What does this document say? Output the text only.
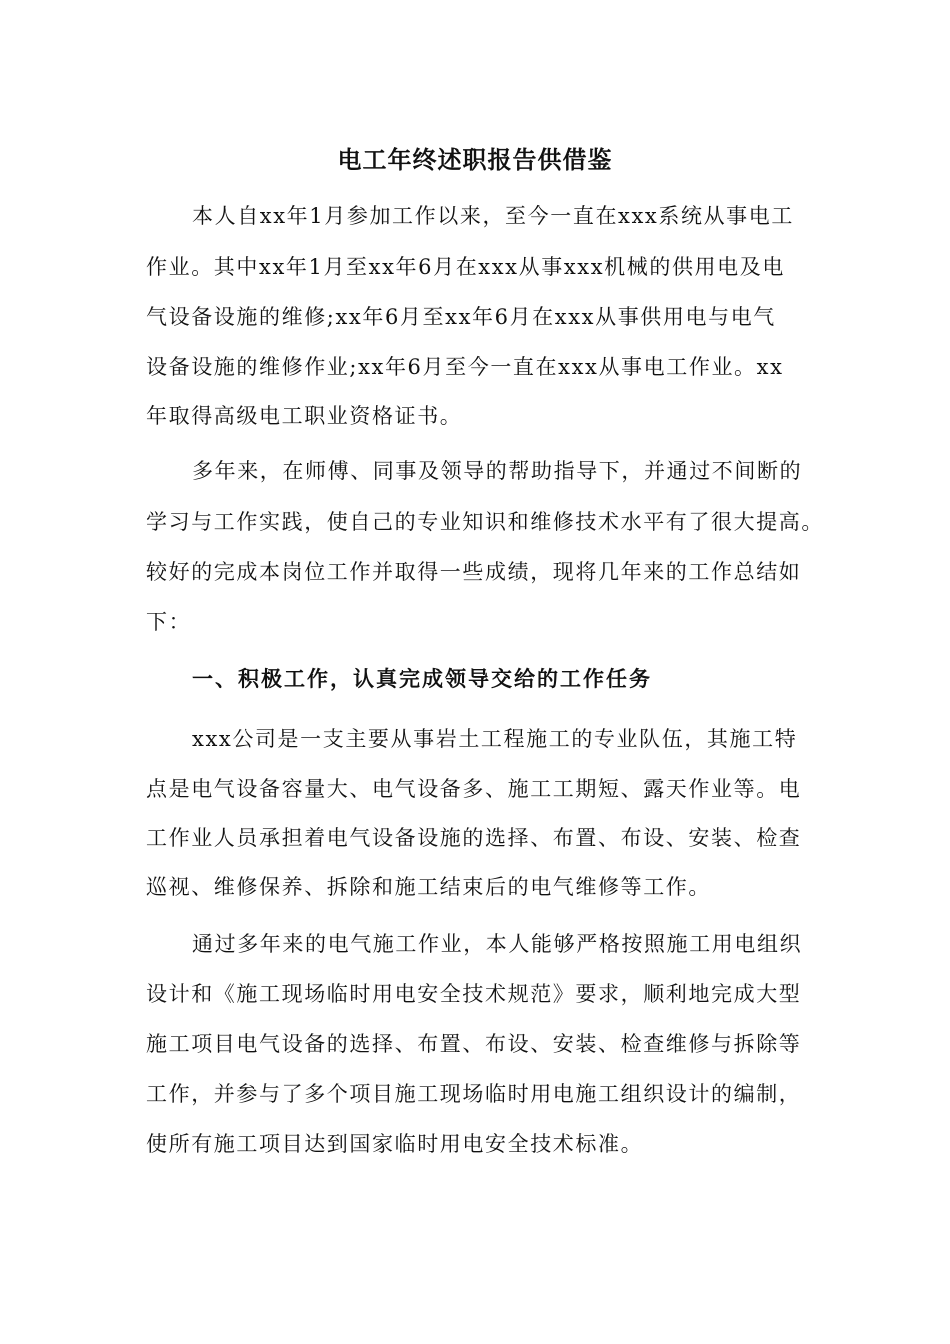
电工年终述职报告供借鉴
本人自xx年1月参加工作以来，至今一直在xxx系统从事电工
作业。其中xx年1月至xx年6月在xxx从事xxx机械的供用电及电
气设备设施的维修;xx年6月至xx年6月在xxx从事供用电与电气
设备设施的维修作业;xx年6月至今一直在xxx从事电工作业。xx
年取得高级电工职业资格证书。
多年来，在师傅、同事及领导的帮助指导下，并通过不间断的
学习与工作实践，使自己的专业知识和维修技术水平有了很大提高。
较好的完成本岗位工作并取得一些成绩，现将几年来的工作总结如
下：
一、积极工作，认真完成领导交给的工作任务
xxx公司是一支主要从事岩土工程施工的专业队伍，其施工特
点是电气设备容量大、电气设备多、施工工期短、露天作业等。电
工作业人员承担着电气设备设施的选择、布置、布设、安装、检查
巡视、维修保养、拆除和施工结束后的电气维修等工作。
通过多年来的电气施工作业，本人能够严格按照施工用电组织
设计和《施工现场临时用电安全技术规范》要求，顺利地完成大型
施工项目电气设备的选择、布置、布设、安装、检查维修与拆除等
工作，并参与了多个项目施工现场临时用电施工组织设计的编制，
使所有施工项目达到国家临时用电安全技术标准。
